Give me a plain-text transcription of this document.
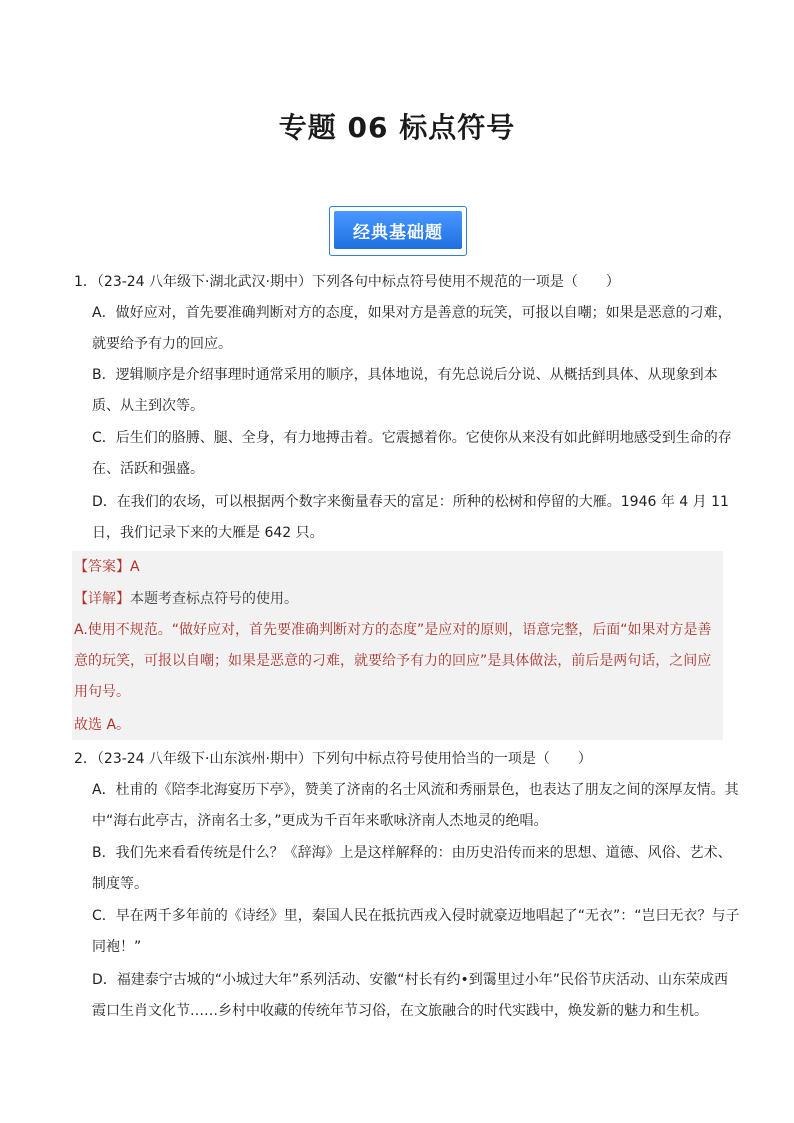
专题 06 标点符号
经典基础题
1．（23-24 八年级下·湖北武汉·期中）下列各句中标点符号使用不规范的一项是（　　）
A．做好应对，首先要准确判断对方的态度，如果对方是善意的玩笑，可报以自嘲；如果是恶意的刁难，就要给予有力的回应。
B．逻辑顺序是介绍事理时通常采用的顺序，具体地说，有先总说后分说、从概括到具体、从现象到本质、从主到次等。
C．后生们的胳膊、腿、全身，有力地搏击着。它震撼着你。它使你从来没有如此鲜明地感受到生命的存在、活跃和强盛。
D．在我们的农场，可以根据两个数字来衡量春天的富足：所种的松树和停留的大雁。1946 年 4 月 11 日，我们记录下来的大雁是 642 只。
【答案】A
【详解】本题考查标点符号的使用。
A.使用不规范。“做好应对，首先要准确判断对方的态度”是应对的原则，语意完整，后面“如果对方是善意的玩笑，可报以自嘲；如果是恶意的刁难，就要给予有力的回应”是具体做法，前后是两句话，之间应用句号。
故选 A。
2．（23-24 八年级下·山东滨州·期中）下列句中标点符号使用恰当的一项是（　　）
A．杜甫的《陪李北海宴历下亭》，赞美了济南的名士风流和秀丽景色，也表达了朋友之间的深厚友情。其中“海右此亭古，济南名士多，”更成为千百年来歌咏济南人杰地灵的绝唱。
B．我们先来看看传统是什么？《辞海》上是这样解释的：由历史沿传而来的思想、道德、风俗、艺术、制度等。
C．早在两千多年前的《诗经》里，秦国人民在抵抗西戎入侵时就豪迈地唱起了“无衣”：“岂曰无衣？与子同袍！”
D．福建泰宁古城的“小城过大年”系列活动、安徽“村长有约•到霭里过小年”民俗节庆活动、山东荣成西霞口生肖文化节……乡村中收藏的传统年节习俗，在文旅融合的时代实践中，焕发新的魅力和生机。
